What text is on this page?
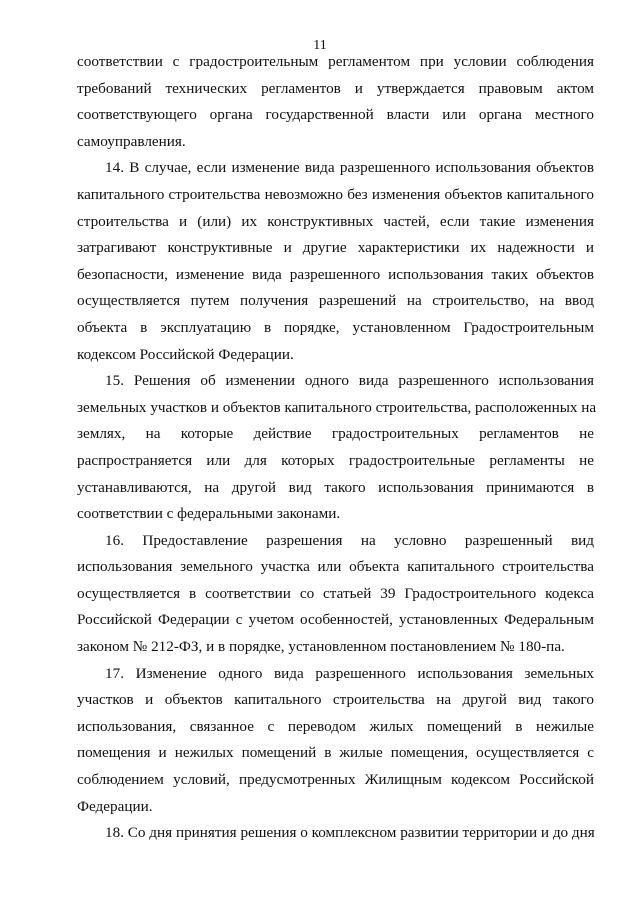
11
соответствии с градостроительным регламентом при условии соблюдения
требований технических регламентов и утверждается правовым актом
соответствующего органа государственной власти или органа местного
самоуправления.
14. В случае, если изменение вида разрешенного использования объектов
капитального строительства невозможно без изменения объектов капитального
строительства и (или) их конструктивных частей, если такие изменения
затрагивают конструктивные и другие характеристики их надежности и
безопасности, изменение вида разрешенного использования таких объектов
осуществляется путем получения разрешений на строительство, на ввод
объекта в эксплуатацию в порядке, установленном Градостроительным
кодексом Российской Федерации.
15. Решения об изменении одного вида разрешенного использования
земельных участков и объектов капитального строительства, расположенных на
землях, на которые действие градостроительных регламентов не
распространяется или для которых градостроительные регламенты не
устанавливаются, на другой вид такого использования принимаются в
соответствии с федеральными законами.
16. Предоставление разрешения на условно разрешенный вид
использования земельного участка или объекта капитального строительства
осуществляется в соответствии со статьей 39 Градостроительного кодекса
Российской Федерации с учетом особенностей, установленных Федеральным
законом № 212-ФЗ, и в порядке, установленном постановлением № 180-па.
17. Изменение одного вида разрешенного использования земельных
участков и объектов капитального строительства на другой вид такого
использования, связанное с переводом жилых помещений в нежилые
помещения и нежилых помещений в жилые помещения, осуществляется с
соблюдением условий, предусмотренных Жилищным кодексом Российской
Федерации.
18. Со дня принятия решения о комплексном развитии территории и до дня
